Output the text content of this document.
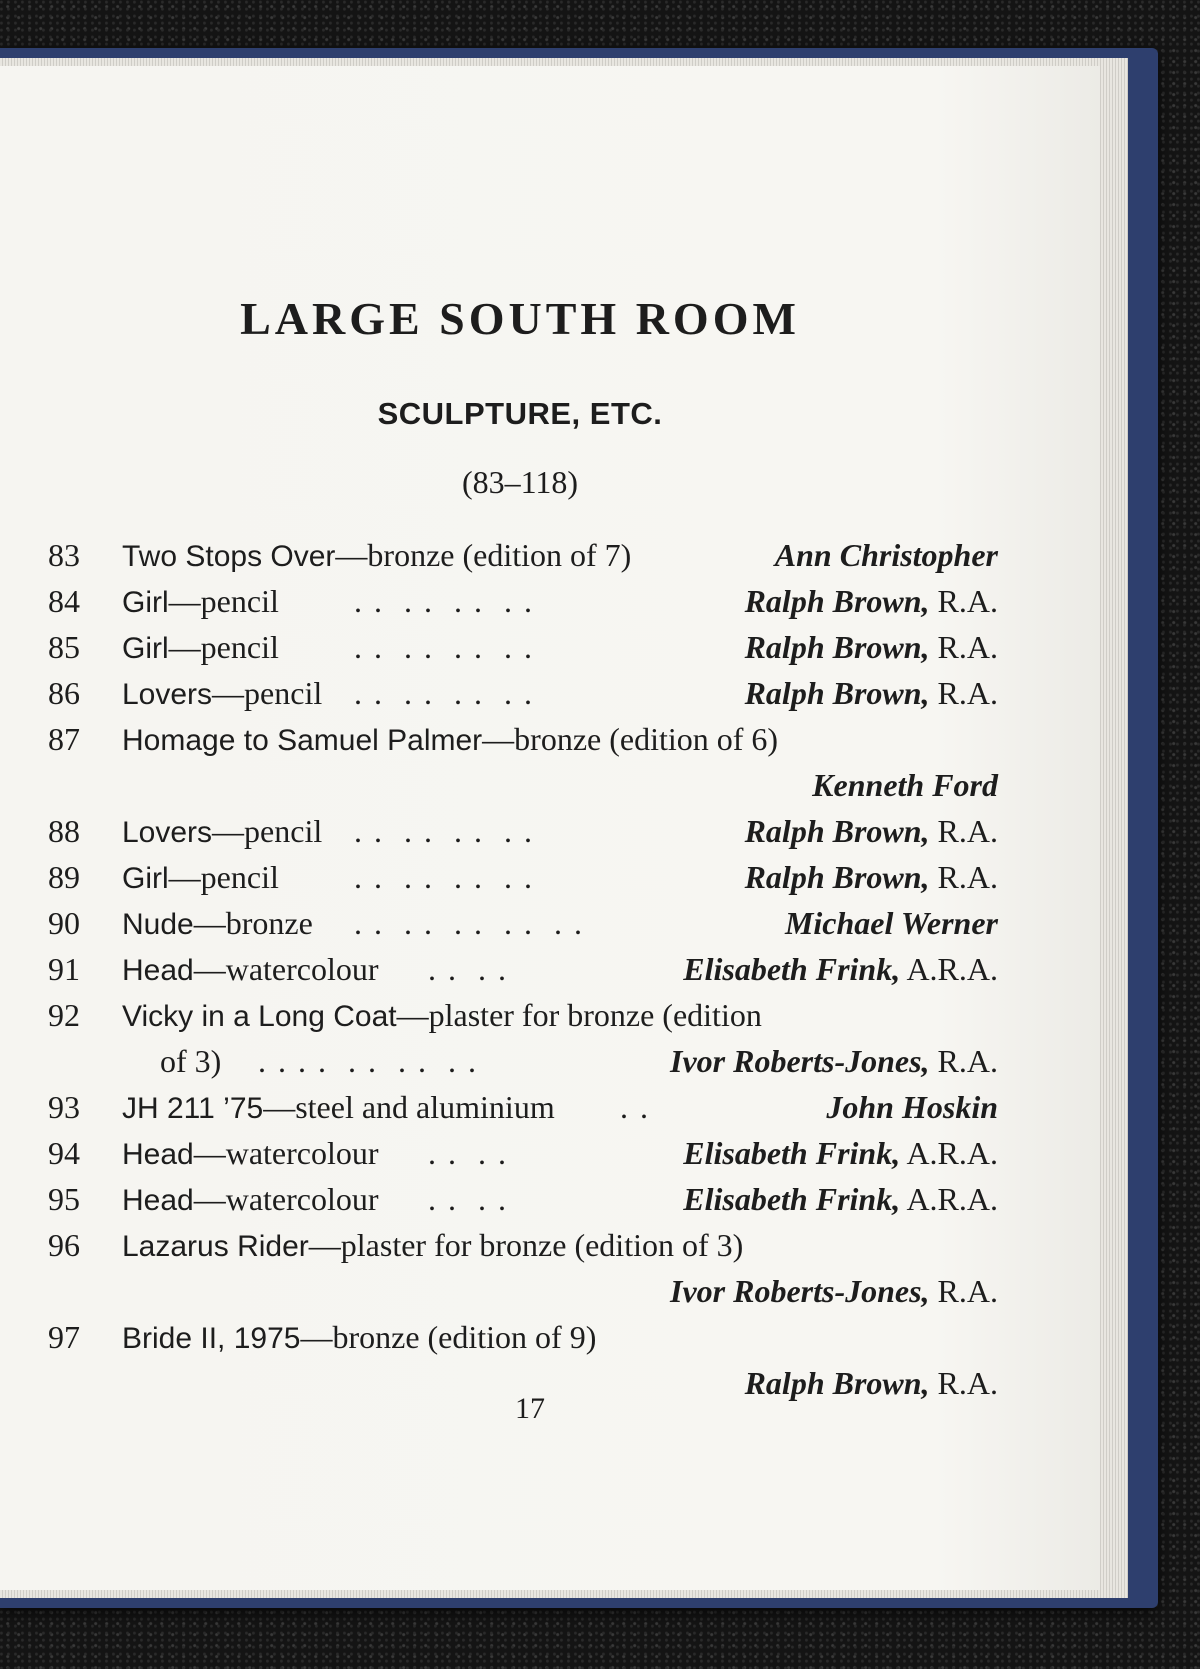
LARGE SOUTH ROOM
SCULPTURE, ETC.
(83–118)
83	Two Stops Over—bronze (edition of 7)	Ann Christopher
84	Girl—pencil . .  . .  . .  . .	Ralph Brown, R.A.
85	Girl—pencil . .  . .  . .  . .	Ralph Brown, R.A.
86	Lovers—pencil . .  . .  . .  . .	Ralph Brown, R.A.
87	Homage to Samuel Palmer—bronze (edition of 6)
Kenneth Ford
88	Lovers—pencil . .  . .  . .  . .	Ralph Brown, R.A.
89	Girl—pencil . .  . .  . .  . .	Ralph Brown, R.A.
90	Nude—bronze . .  . .  . .  . .  . .	Michael Werner
91	Head—watercolour . .  . .	Elisabeth Frink, A.R.A.
92	Vicky in a Long Coat—plaster for bronze (edition
of 3) . . . .  . .  . .  . .	Ivor Roberts-Jones, R.A.
93	JH 211 ’75—steel and aluminium . .	John Hoskin
94	Head—watercolour . .  . .	Elisabeth Frink, A.R.A.
95	Head—watercolour . .  . .	Elisabeth Frink, A.R.A.
96	Lazarus Rider—plaster for bronze (edition of 3)
Ivor Roberts-Jones, R.A.
97	Bride II, 1975—bronze (edition of 9)
Ralph Brown, R.A.
17
